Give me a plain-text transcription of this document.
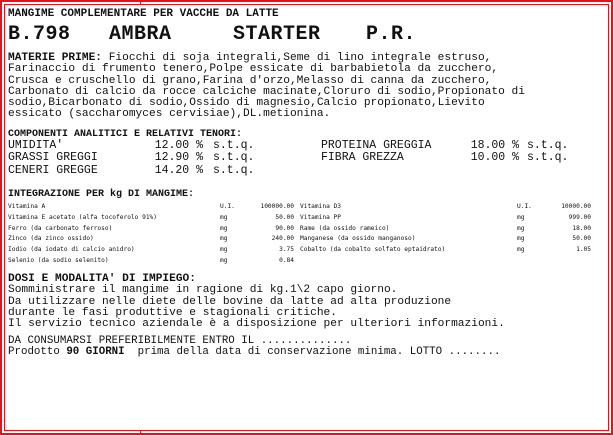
MANGIME COMPLEMENTARE PER VACCHE DA LATTE
B.798 AMBRA	STARTER P.R.
MATERIE PRIME: Fiocchi di soja integrali,Seme di lino integrale estruso,
Farinaccio di frumento tenero,Polpe essicate di barbabietola da zucchero,
Crusca e cruschello di grano,Farina d'orzo,Melasso di canna da zucchero,
Carbonato di calcio da rocce calciche macinate,Cloruro di sodio,Propionato di
sodio,Bicarbonato di sodio,Ossido di magnesio,Calcio propionato,Lievito
essicato (saccharomyces cervisiae),DL.metionina.
COMPONENTI ANALITICI E RELATIVI TENORI:
UMIDITA'	12.00 %	s.t.q.	PROTEINA GREGGIA	18.00 %	s.t.q.
GRASSI GREGGI	12.90 %	s.t.q.	FIBRA GREZZA	10.00 %	s.t.q.
CENERI GREGGE	14.20 %	s.t.q.			
INTEGRAZIONE PER kg DI MANGIME:
Vitamina A	U.I.	100000.00	Vitamina D3	U.I.	10000.00
Vitamina E acetato (alfa tocoferolo 91%)	mg	50.00	Vitamina PP	mg	999.00
Ferro (da carbonato ferroso)	mg	90.00	Rame (da ossido rameico)	mg	18.00
Zinco (da zinco ossido)	mg	240.00	Manganese (da ossido manganoso)	mg	50.00
Iodio (da iodato di calcio anidro)	mg	3.75	Cobalto (da cobalto solfato eptaidrato)	mg	1.05
Selenio (da sodio selenito)	mg	0.84			
DOSI E MODALITA' DI IMPIEGO:
Somministrare il mangime in ragione di kg.1\2 capo giorno.
Da utilizzare nelle diete delle bovine da latte ad alta produzione
durante le fasi produttive e stagionali critiche.
Il servizio tecnico aziendale è a disposizione per ulteriori informazioni.
DA CONSUMARSI PREFERIBILMENTE ENTRO IL ..............
Prodotto 90 GIORNI  prima della data di conservazione minima. LOTTO ........
